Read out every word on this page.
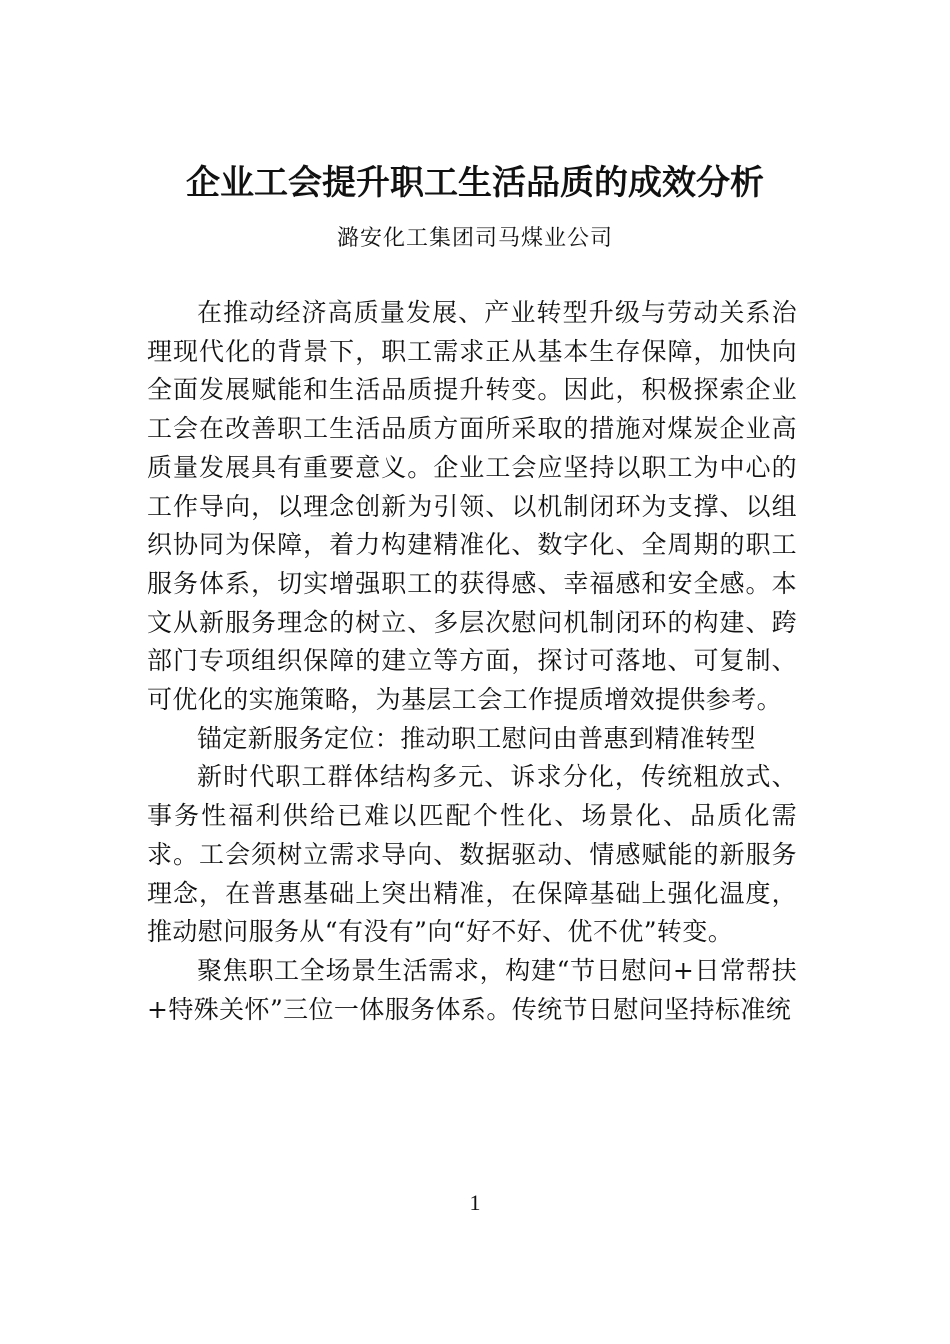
企业工会提升职工生活品质的成效分析
潞安化工集团司马煤业公司

在推动经济高质量发展、产业转型升级与劳动关系治理现代化的背景下，职工需求正从基本生存保障，加快向全面发展赋能和生活品质提升转变。因此，积极探索企业工会在改善职工生活品质方面所采取的措施对煤炭企业高质量发展具有重要意义。企业工会应坚持以职工为中心的工作导向，以理念创新为引领、以机制闭环为支撑、以组织协同为保障，着力构建精准化、数字化、全周期的职工服务体系，切实增强职工的获得感、幸福感和安全感。本文从新服务理念的树立、多层次慰问机制闭环的构建、跨部门专项组织保障的建立等方面，探讨可落地、可复制、可优化的实施策略，为基层工会工作提质增效提供参考。

锚定新服务定位：推动职工慰问由普惠到精准转型

新时代职工群体结构多元、诉求分化，传统粗放式、事务性福利供给已难以匹配个性化、场景化、品质化需求。工会须树立需求导向、数据驱动、情感赋能的新服务理念，在普惠基础上突出精准，在保障基础上强化温度，推动慰问服务从“有没有”向“好不好、优不优”转变。

聚焦职工全场景生活需求，构建“节日慰问+日常帮扶+特殊关怀”三位一体服务体系。传统节日慰问坚持标准统

1
